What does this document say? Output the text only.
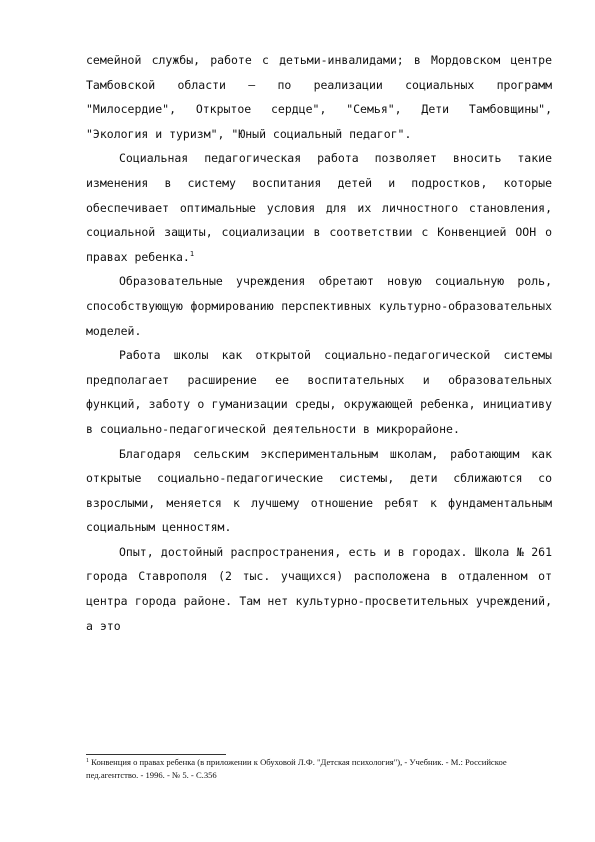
семейной службы, работе с детьми-инвалидами; в Мордовском центре Тамбовской области – по реализации социальных программ "Милосердие", Открытое сердце", "Семья", Дети Тамбовщины", "Экология и туризм", "Юный социальный педагог".

Социальная педагогическая работа позволяет вносить такие изменения в систему воспитания детей и подростков, которые обеспечивает оптимальные условия для их личностного становления, социальной защиты, социализации в соответствии с Конвенцией ООН о правах ребенка.$^1$

Образовательные учреждения обретают новую социальную роль, способствующую формированию перспективных культурно-образовательных моделей.

Работа школы как открытой социально-педагогической системы предполагает расширение ее воспитательных и образовательных функций, заботу о гуманизации среды, окружающей ребенка, инициативу в социально-педагогической деятельности в микрорайоне.

Благодаря сельским экспериментальным школам, работающим как открытые социально-педагогические системы, дети сближаются со взрослыми, меняется к лучшему отношение ребят к фундаментальным социальным ценностям.

Опыт, достойный распространения, есть и в городах. Школа № 261 города Ставрополя (2 тыс. учащихся) расположена в отдаленном от центра города районе. Там нет культурно-просветительных учреждений, а это

$^1$ Конвенция о правах ребенка (в приложении к Обуховой Л.Ф. "Детская психология"), - Учебник. - М.: Российское пед.агентство. - 1996. - № 5. - С.356
